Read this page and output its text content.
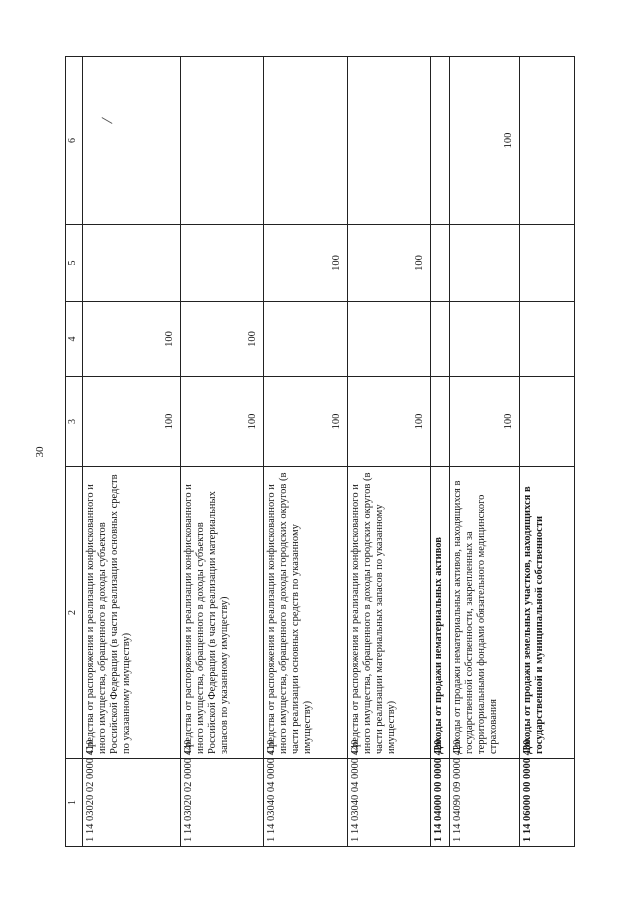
30
1	2	3	4	5	6
1 14 03020 02 0000 410	Средства от распоряжения и реализации конфискованного и иного имущества, обращенного в доходы субъектов Российской Федерации (в части реализации основных средств по указанному имуществу)	100	100		
1 14 03020 02 0000 440	Средства от распоряжения и реализации конфискованного и иного имущества, обращенного в доходы субъектов Российской Федерации (в части реализации материальных запасов по указанному имуществу)	100	100		
1 14 03040 04 0000 410	Средства от распоряжения и реализации конфискованного и иного имущества, обращенного в доходы городских округов (в части реализации основных средств по указанному имуществу)	100		100	
1 14 03040 04 0000 440	Средства от распоряжения и реализации конфискованного и иного имущества, обращенного в доходы городских округов (в части реализации материальных запасов по указанному имуществу)	100		100	
1 14 04000 00 0000 420	Доходы от продажи нематериальных активов				
1 14 04090 09 0000 420	Доходы от продажи нематериальных активов, находящихся в государственной собственности, закрепленных за территориальными фондами обязательного медицинского страхования	100			100
1 14 06000 00 0000 430	Доходы от продажи земельных участков, находящихся в государственной и муниципальной собственности				
